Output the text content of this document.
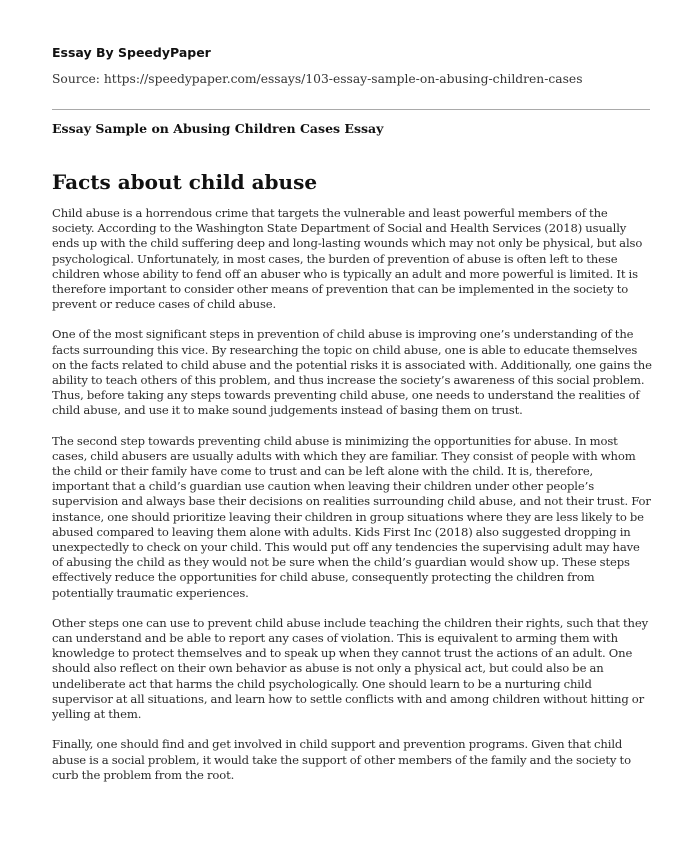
Essay By SpeedyPaper

Source: https://speedypaper.com/essays/103-essay-sample-on-abusing-children-cases

Essay Sample on Abusing Children Cases Essay

Facts about child abuse

Child abuse is a horrendous crime that targets the vulnerable and least powerful members of the society. According to the Washington State Department of Social and Health Services (2018) usually ends up with the child suffering deep and long-lasting wounds which may not only be physical, but also psychological. Unfortunately, in most cases, the burden of prevention of abuse is often left to these children whose ability to fend off an abuser who is typically an adult and more powerful is limited. It is therefore important to consider other means of prevention that can be implemented in the society to prevent or reduce cases of child abuse.

One of the most significant steps in prevention of child abuse is improving one’s understanding of the facts surrounding this vice. By researching the topic on child abuse, one is able to educate themselves on the facts related to child abuse and the potential risks it is associated with. Additionally, one gains the ability to teach others of this problem, and thus increase the society’s awareness of this social problem. Thus, before taking any steps towards preventing child abuse, one needs to understand the realities of child abuse, and use it to make sound judgements instead of basing them on trust.

The second step towards preventing child abuse is minimizing the opportunities for abuse. In most cases, child abusers are usually adults with which they are familiar. They consist of people with whom the child or their family have come to trust and can be left alone with the child. It is, therefore, important that a child’s guardian use caution when leaving their children under other people’s supervision and always base their decisions on realities surrounding child abuse, and not their trust. For instance, one should prioritize leaving their children in group situations where they are less likely to be abused compared to leaving them alone with adults. Kids First Inc (2018) also suggested dropping in unexpectedly to check on your child. This would put off any tendencies the supervising adult may have of abusing the child as they would not be sure when the child’s guardian would show up. These steps effectively reduce the opportunities for child abuse, consequently protecting the children from potentially traumatic experiences.

Other steps one can use to prevent child abuse include teaching the children their rights, such that they can understand and be able to report any cases of violation. This is equivalent to arming them with knowledge to protect themselves and to speak up when they cannot trust the actions of an adult. One should also reflect on their own behavior as abuse is not only a physical act, but could also be an undeliberate act that harms the child psychologically. One should learn to be a nurturing child supervisor at all situations, and learn how to settle conflicts with and among children without hitting or yelling at them.

Finally, one should find and get involved in child support and prevention programs. Given that child abuse is a social problem, it would take the support of other members of the family and the society to curb the problem from the root.
